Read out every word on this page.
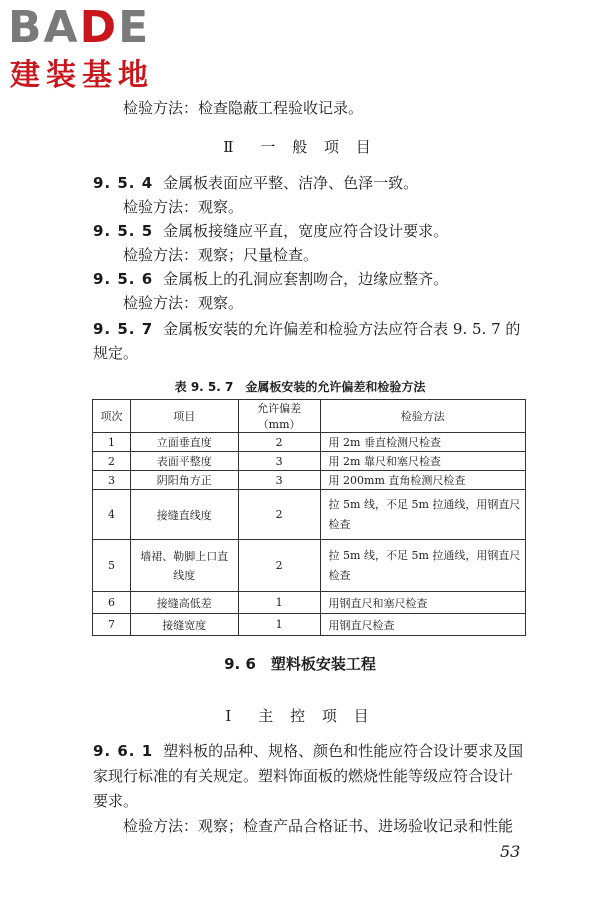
BADE
建装基地
检验方法：检查隐蔽工程验收记录。
Ⅱ　一 般 项 目
9. 5. 4 金属板表面应平整、洁净、色泽一致。
检验方法：观察。
9. 5. 5 金属板接缝应平直，宽度应符合设计要求。
检验方法：观察；尺量检查。
9. 5. 6 金属板上的孔洞应套割吻合，边缘应整齐。
检验方法：观察。
9. 5. 7 金属板安装的允许偏差和检验方法应符合表 9. 5. 7 的
规定。
表 9. 5. 7　金属板安装的允许偏差和检验方法
项次	项目	允许偏差（mm）	检验方法
1	立面垂直度	2	用 2m 垂直检测尺检查
2	表面平整度	3	用 2m 靠尺和塞尺检查
3	阴阳角方正	3	用 200mm 直角检测尺检查
4	接缝直线度	2	拉 5m 线，不足 5m 拉通线，用钢直尺检查
5	墙裙、勒脚上口直线度	2	拉 5m 线，不足 5m 拉通线，用钢直尺检查
6	接缝高低差	1	用钢直尺和塞尺检查
7	接缝宽度	1	用钢直尺检查
9. 6　塑料板安装工程
Ⅰ　主 控 项 目
9. 6. 1 塑料板的品种、规格、颜色和性能应符合设计要求及国
家现行标准的有关规定。塑料饰面板的燃烧性能等级应符合设计
要求。
检验方法：观察；检查产品合格证书、进场验收记录和性能
53
